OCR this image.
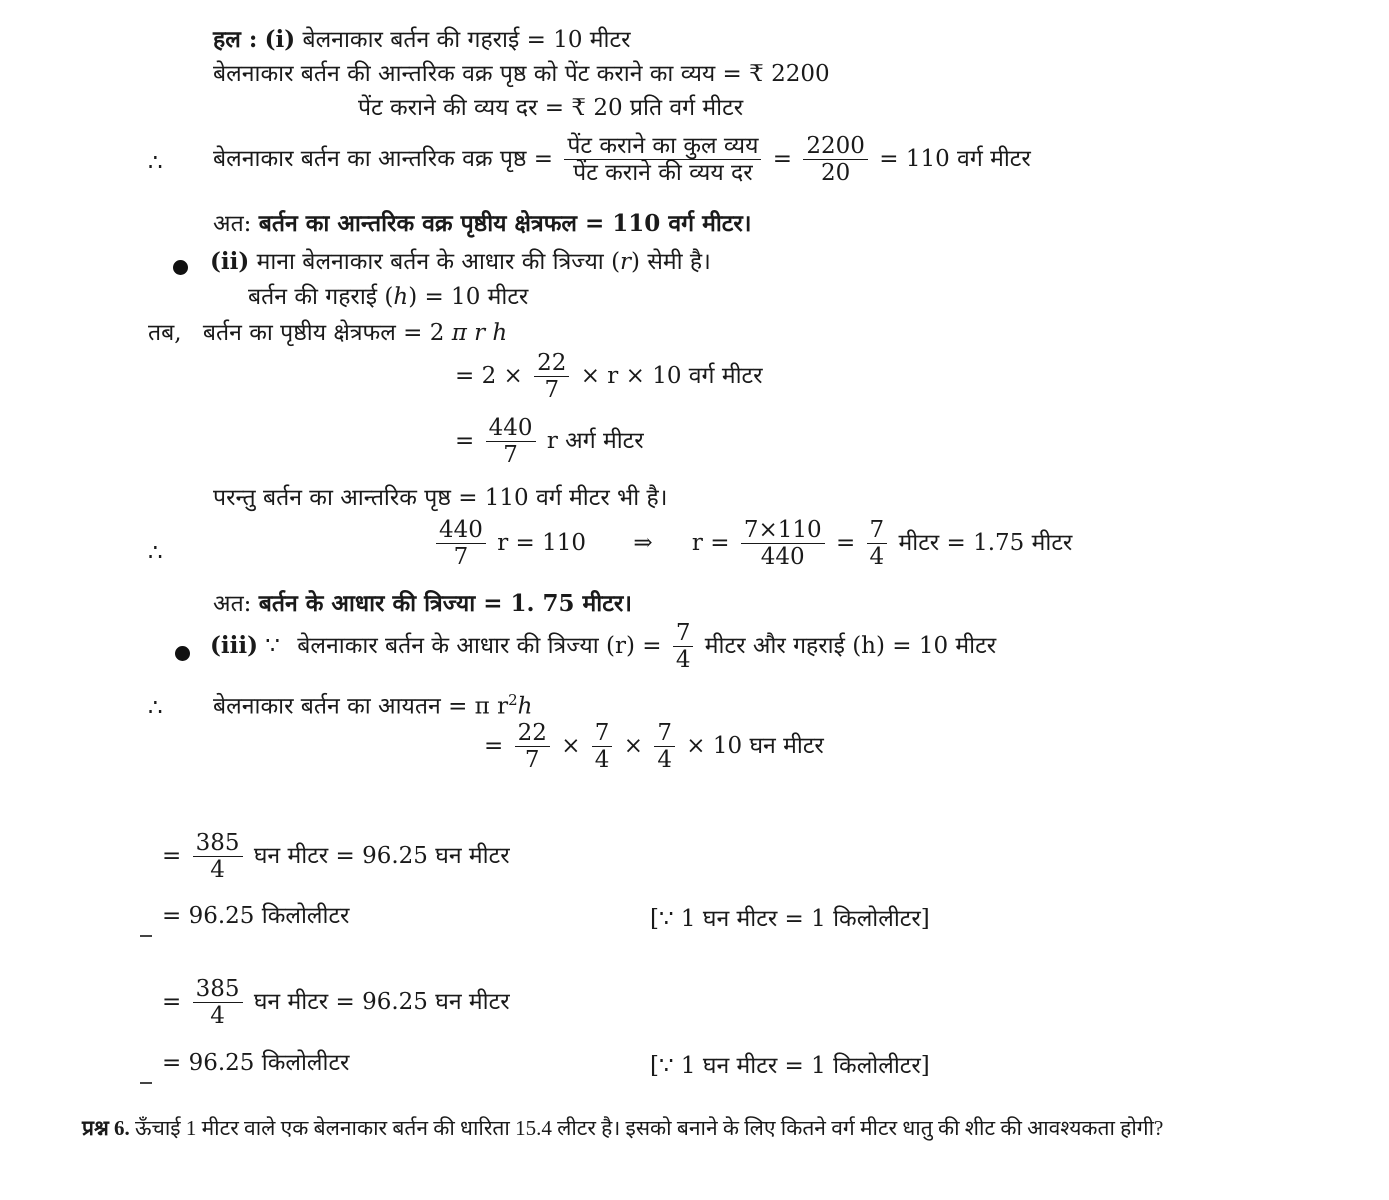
हल : (i) बेलनाकार बर्तन की गहराई = 10 मीटर
बेलनाकार बर्तन की आन्तरिक वक्र पृष्ठ को पेंट कराने का व्यय = ₹ 2200
पेंट कराने की व्यय दर = ₹ 20 प्रति वर्ग मीटर
∴ बेलनाकार बर्तन का आन्तरिक वक्र पृष्ठ = $\frac{\text{पेंट कराने का कुल व्यय}}{\text{पेंट कराने की व्यय दर}} = \frac{2200}{20} = 110$ वर्ग मीटर
अत: बर्तन का आन्तरिक वक्र पृष्ठीय क्षेत्रफल = 110 वर्ग मीटर।
(ii) माना बेलनाकार बर्तन के आधार की त्रिज्या (r) सेमी है।
बर्तन की गहराई (h) = 10 मीटर
तब, बर्तन का पृष्ठीय क्षेत्रफल = 2 π r h
= $2 \times \frac{22}{7} \times r \times 10$ वर्ग मीटर
= $\frac{440}{7}$ r अर्ग मीटर
परन्तु बर्तन का आन्तरिक पृष्ठ = 110 वर्ग मीटर भी है।
∴	$\frac{440}{7}$ r = 110 ⇒ $r = \frac{7\times 110}{440} = \frac{7}{4}$ मीटर = 1.75 मीटर
अत: बर्तन के आधार की त्रिज्या = 1. 75 मीटर।
(iii) ∵ बेलनाकार बर्तन के आधार की त्रिज्या $(r) = \frac{7}{4}$ मीटर और गहराई (h) = 10 मीटर
∴ बेलनाकार बर्तन का आयतन = π $r^2h$
= $\frac{22}{7} \times \frac{7}{4} \times \frac{7}{4} \times 10$ घन मीटर
= $\frac{385}{4}$ घन मीटर = 96.25 घन मीटर
= 96.25 किलोलीटर	[∵ 1 घन मीटर = 1 किलोलीटर]
= $\frac{385}{4}$ घन मीटर = 96.25 घन मीटर
= 96.25 किलोलीटर	[∵ 1 घन मीटर = 1 किलोलीटर]
प्रश्न 6. ऊँचाई 1 मीटर वाले एक बेलनाकार बर्तन की धारिता 15.4 लीटर है। इसको बनाने के लिए कितने वर्ग मीटर धातु की शीट की आवश्यकता होगी?
